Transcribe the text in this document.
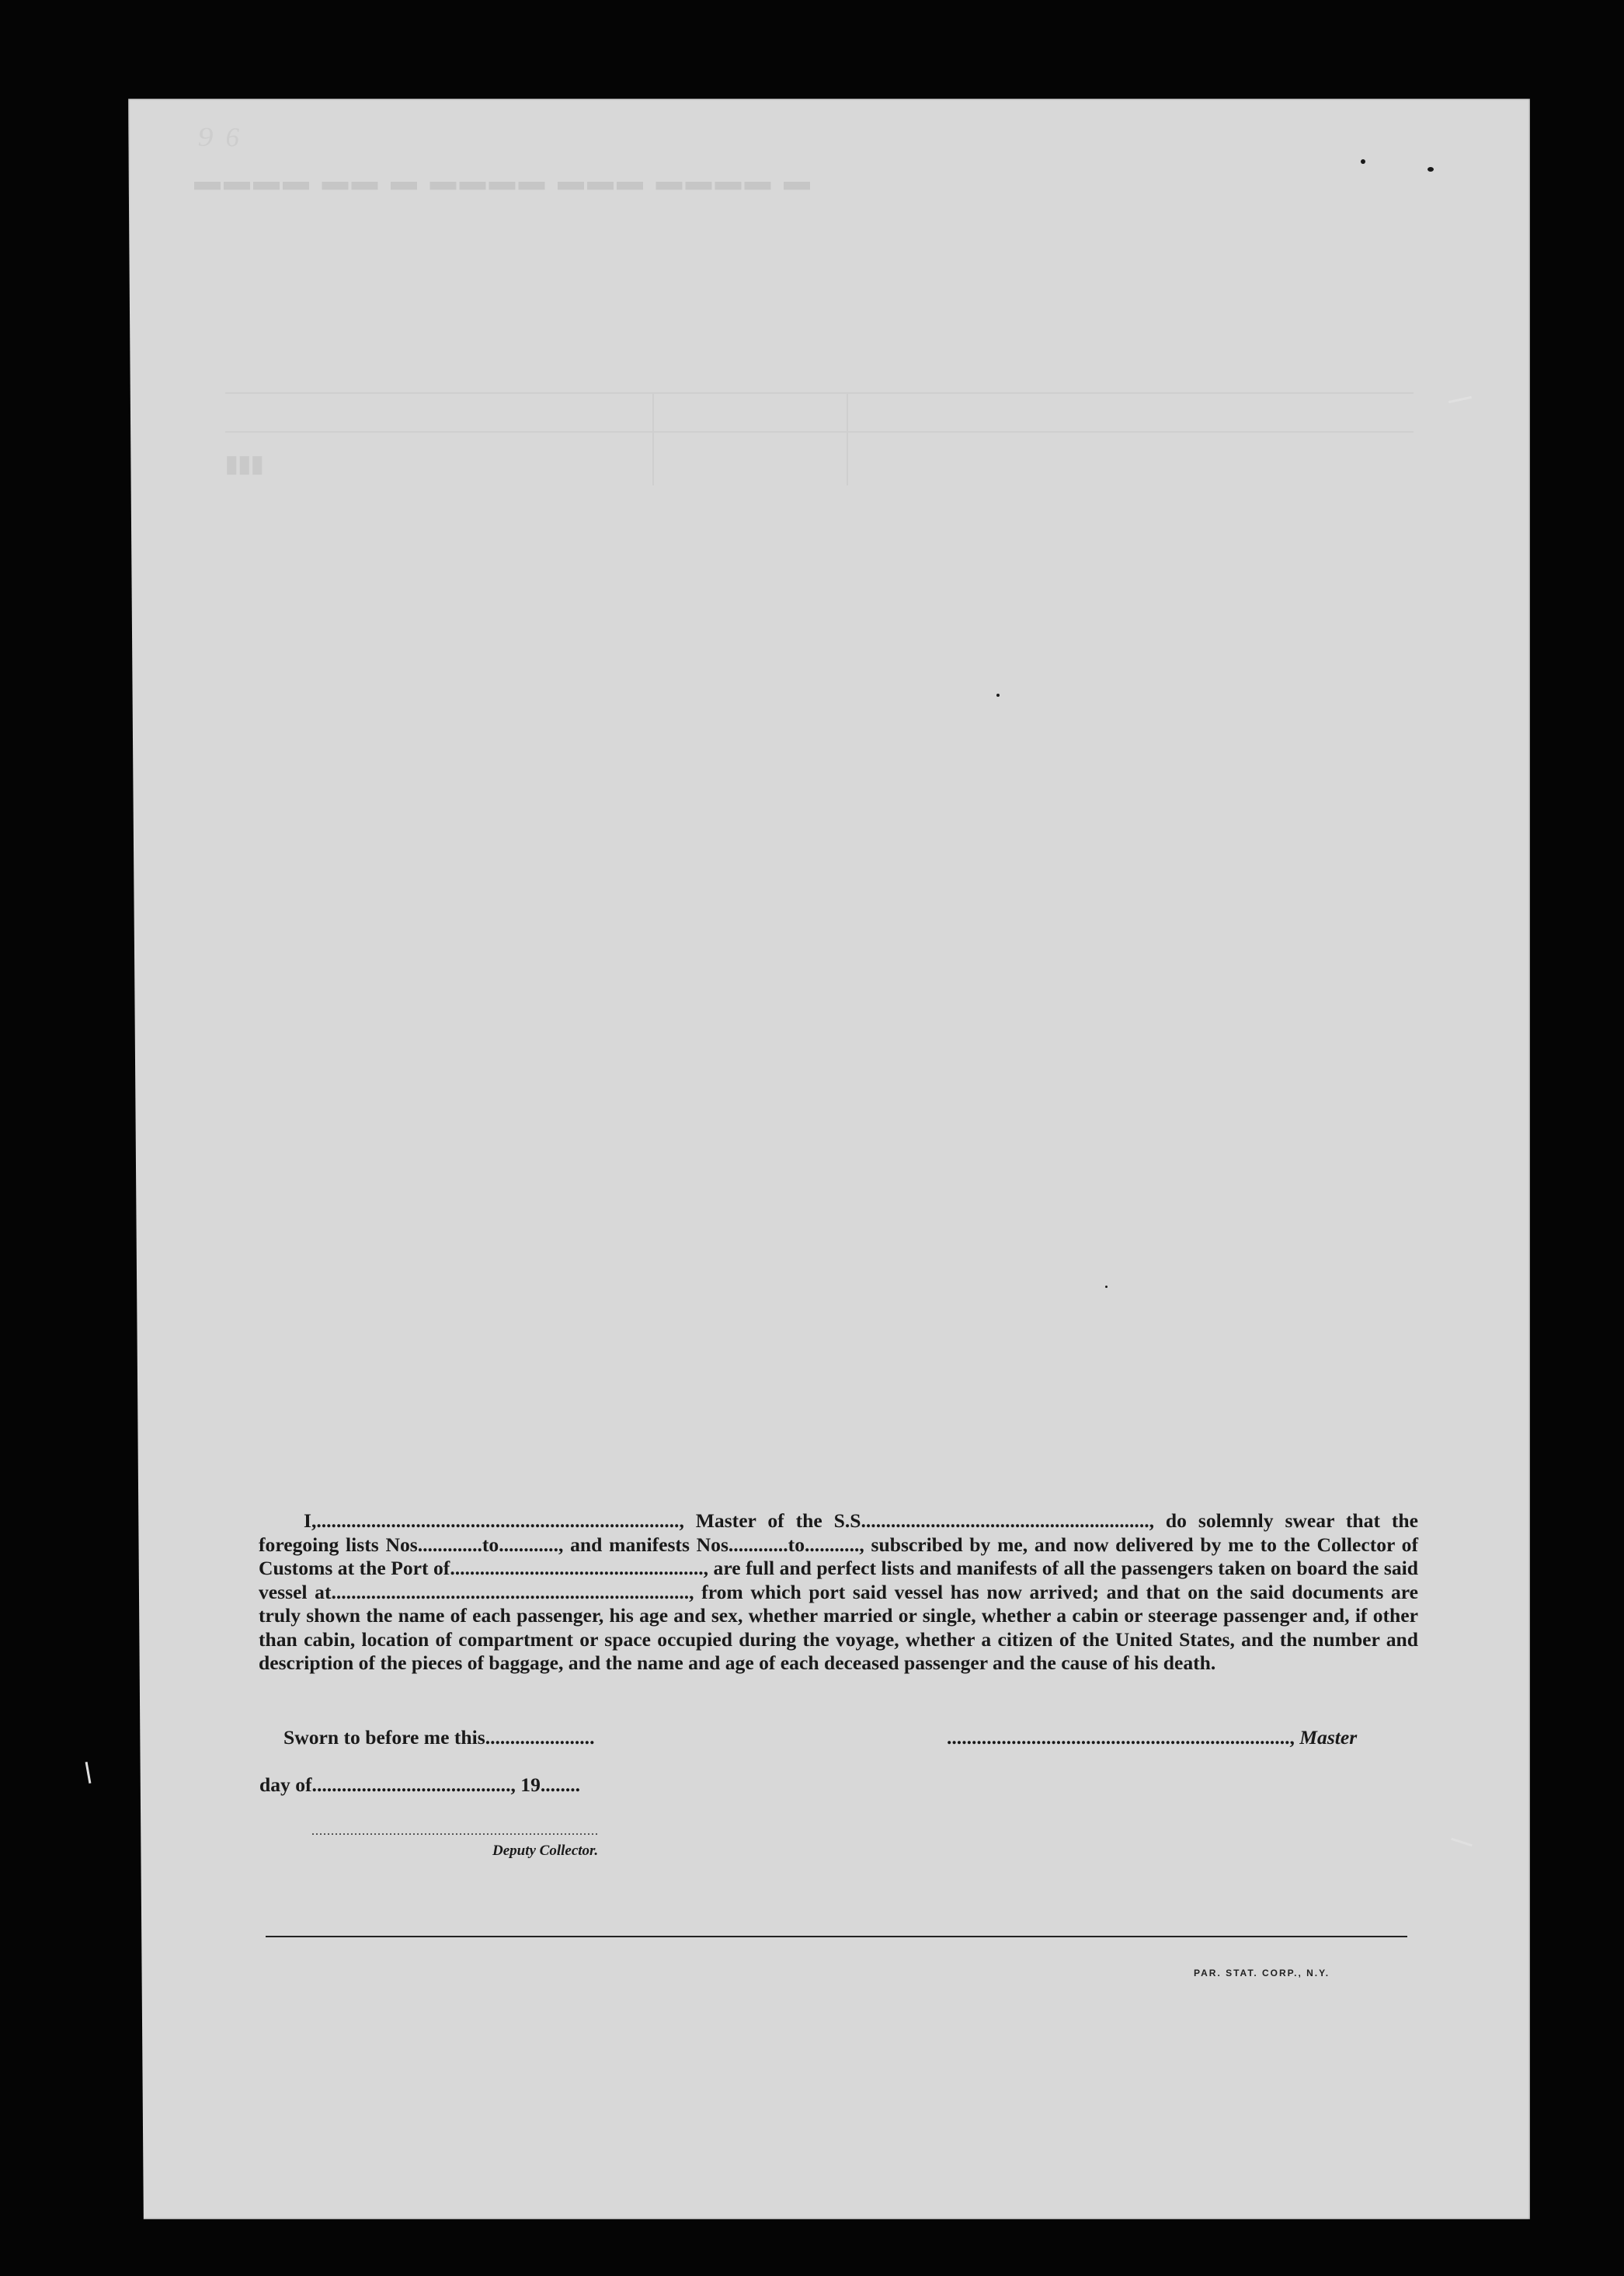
⁹ ⁶
▬▬▬▬ ▬▬ ▬ ▬▬▬▬ ▬▬▬ ▬▬▬▬ ▬
▮▮▮
I,........................................................................., Master of the S.S.........................................................., do solemnly swear that the foregoing lists Nos.............to............, and manifests Nos............to..........., subscribed by me, and now delivered by me to the Collector of Customs at the Port of..................................................., are full and perfect lists and manifests of all the passengers taken on board the said vessel at........................................................................, from which port said vessel has now arrived; and that on the said documents are truly shown the name of each passenger, his age and sex, whether married or single, whether a cabin or steerage passenger and, if other than cabin, location of compartment or space occupied during the voyage, whether a citizen of the United States, and the number and description of the pieces of baggage, and the name and age of each deceased passenger and the cause of his death.
Sworn to before me this......................	....................................................................., Master
day of........................................, 19........
..........................................................................
Deputy Collector.
PAR. STAT. CORP., N.Y.
